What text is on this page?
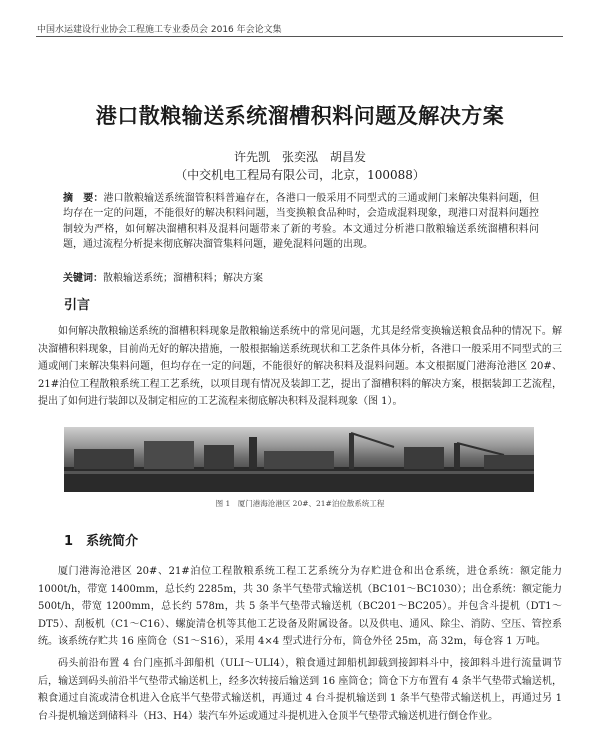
中国水运建设行业协会工程施工专业委员会 2016 年会论文集
港口散粮输送系统溜槽积料问题及解决方案
许先凯　张奕泓　胡昌发
（中交机电工程局有限公司，北京，100088）
摘　要：港口散粮输送系统溜管积料普遍存在，各港口一般采用不同型式的三通或闸门来解决集料问题，但均存在一定的问题，不能很好的解决积料问题，当变换粮食品种时，会造成混料现象，现港口对混料问题控制较为严格，如何解决溜槽积料及混料问题带来了新的考验。本文通过分析港口散粮输送系统溜槽积料问题，通过流程分析提来彻底解决溜管集料问题，避免混料问题的出现。
关键词：散粮输送系统；溜槽积料；解决方案
引言
如何解决散粮输送系统的溜槽积料现象是散粮输送系统中的常见问题，尤其是经常变换输送粮食品种的情况下。解决溜槽积料现象，目前尚无好的解决措施，一般根据输送系统现状和工艺条件具体分析，各港口一般采用不同型式的三通或闸门来解决集料问题，但均存在一定的问题，不能很好的解决积料及混料问题。本文根据厦门港海沧港区 20#、21#泊位工程散粮系统工程工艺系统，以项目现有情况及装卸工艺，提出了溜槽积料的解决方案，根据装卸工艺流程，提出了如何进行装卸以及制定相应的工艺流程来彻底解决积料及混料现象（图 1）。
图 1　厦门港海沧港区 20#、21#泊位散系统工程
1　 系统简介
厦门港海沧港区 20#、21#泊位工程散粮系统工程工艺系统分为存贮进仓和出仓系统，进仓系统：额定能力 1000t/h，带宽 1400mm，总长约 2285m，共 30 条半气垫带式输送机（BC101～BC1030）；出仓系统：额定能力 500t/h，带宽 1200mm，总长约 578m，共 5 条半气垫带式输送机（BC201～BC205）。并包含斗提机（DT1～DT5）、刮板机（C1～C16）、螺旋清仓机等其他工艺设备及附属设备。以及供电、通风、除尘、消防、空压、管控系统。该系统存贮共 16 座筒仓（S1～S16），采用 4×4 型式进行分布，筒仓外径 25m，高 32m，每仓容 1 万吨。
码头前沿布置 4 台门座抓斗卸船机（ULI～ULI4），粮食通过卸船机卸载到接卸料斗中，接卸料斗进行流量调节后，输送到码头前沿半气垫带式输送机上，经多次转接后输送到 16 座筒仓；筒仓下方布置有 4 条半气垫带式输送机，粮食通过自流或清仓机进入仓底半气垫带式输送机，再通过 4 台斗提机输送到 1 条半气垫带式输送机上，再通过另 1 台斗提机输送到储料斗（H3、H4）装汽车外运或通过斗提机进入仓顶半气垫带式输送机进行倒仓作业。
